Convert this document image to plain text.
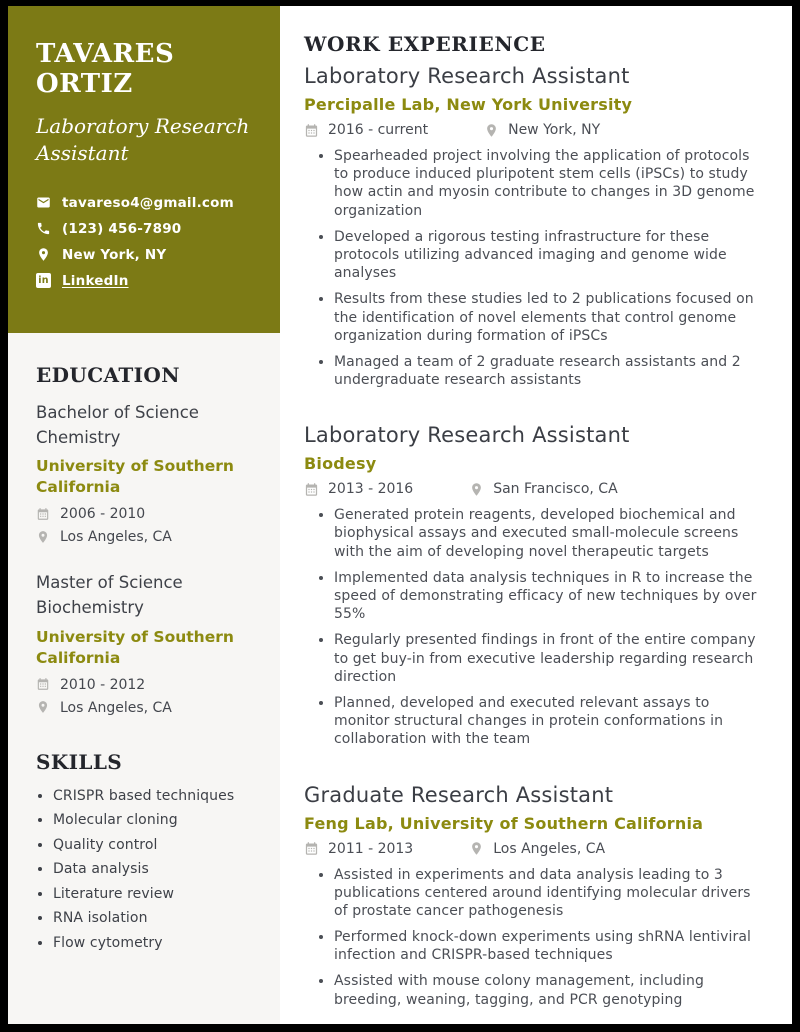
TAVARES ORTIZ
Laboratory Research Assistant
tavareso4@gmail.com
(123) 456-7890
New York, NY
in LinkedIn
EDUCATION
Bachelor of Science
Chemistry
University of Southern California
2006 - 2010
Los Angeles, CA
Master of Science
Biochemistry
University of Southern California
2010 - 2012
Los Angeles, CA
SKILLS
• CRISPR based techniques
• Molecular cloning
• Quality control
• Data analysis
• Literature review
• RNA isolation
• Flow cytometry
WORK EXPERIENCE
Laboratory Research Assistant
Percipalle Lab, New York University
2016 - current	New York, NY
• Spearheaded project involving the application of protocols to produce induced pluripotent stem cells (iPSCs) to study how actin and myosin contribute to changes in 3D genome organization
• Developed a rigorous testing infrastructure for these protocols utilizing advanced imaging and genome wide analyses
• Results from these studies led to 2 publications focused on the identification of novel elements that control genome organization during formation of iPSCs
• Managed a team of 2 graduate research assistants and 2 undergraduate research assistants
Laboratory Research Assistant
Biodesy
2013 - 2016	San Francisco, CA
• Generated protein reagents, developed biochemical and biophysical assays and executed small-molecule screens with the aim of developing novel therapeutic targets
• Implemented data analysis techniques in R to increase the speed of demonstrating efficacy of new techniques by over 55%
• Regularly presented findings in front of the entire company to get buy-in from executive leadership regarding research direction
• Planned, developed and executed relevant assays to monitor structural changes in protein conformations in collaboration with the team
Graduate Research Assistant
Feng Lab, University of Southern California
2011 - 2013	Los Angeles, CA
• Assisted in experiments and data analysis leading to 3 publications centered around identifying molecular drivers of prostate cancer pathogenesis
• Performed knock-down experiments using shRNA lentiviral infection and CRISPR-based techniques
• Assisted with mouse colony management, including breeding, weaning, tagging, and PCR genotyping
